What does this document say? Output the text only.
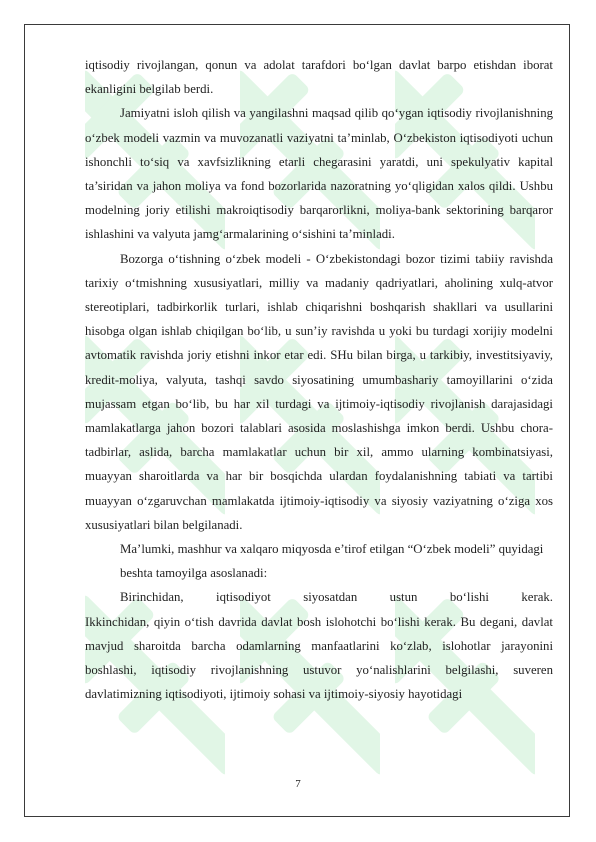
iqtisodiy rivojlangan, qonun va adolat tarafdori bo‘lgan davlat barpo etishdan iborat ekanligini belgilab berdi.

Jamiyatni isloh qilish va yangilashni maqsad qilib qo‘ygan iqtisodiy rivojlanishning o‘zbek modeli vazmin va muvozanatli vaziyatni ta’minlab, O‘zbekiston iqtisodiyoti uchun ishonchli to‘siq va xavfsizlikning etarli chegarasini yaratdi, uni spekulyativ kapital ta’siridan va jahon moliya va fond bozorlarida nazoratning yo‘qligidan xalos qildi. Ushbu modelning joriy etilishi makroiqtisodiy barqarorlikni, moliya-bank sektorining barqaror ishlashini va valyuta jamg‘armalarining o‘sishini ta’minladi.

Bozorga o‘tishning o‘zbek modeli - O‘zbekistondagi bozor tizimi tabiiy ravishda tarixiy o‘tmishning xususiyatlari, milliy va madaniy qadriyatlari, aholining xulq-atvor stereotiplari, tadbirkorlik turlari, ishlab chiqarishni boshqarish shakllari va usullarini hisobga olgan ishlab chiqilgan bo‘lib, u sun’iy ravishda u yoki bu turdagi xorijiy modelni avtomatik ravishda joriy etishni inkor etar edi. SHu bilan birga, u tarkibiy, investitsiyaviy, kredit-moliya, valyuta, tashqi savdo siyosatining umumbashariy tamoyillarini o‘zida mujassam etgan bo‘lib, bu har xil turdagi va ijtimoiy-iqtisodiy rivojlanish darajasidagi mamlakatlarga jahon bozori talablari asosida moslashishga imkon berdi. Ushbu chora-tadbirlar, aslida, barcha mamlakatlar uchun bir xil, ammo ularning kombinatsiyasi, muayyan sharoitlarda va har bir bosqichda ulardan foydalanishning tabiati va tartibi muayyan o‘zgaruvchan mamlakatda ijtimoiy-iqtisodiy va siyosiy vaziyatning o‘ziga xos xususiyatlari bilan belgilanadi.

Ma’lumki, mashhur va xalqaro miqyosda e’tirof etilgan “O‘zbek modeli” quyidagi

beshta tamoyilga asoslanadi:

Birinchidan, iqtisodiyot siyosatdan ustun bo‘lishi kerak.

Ikkinchidan, qiyin o‘tish davrida davlat bosh islohotchi bo‘lishi kerak. Bu degani, davlat mavjud sharoitda barcha odamlarning manfaatlarini ko‘zlab, islohotlar jarayonini boshlashi, iqtisodiy rivojlanishning ustuvor yo‘nalishlarini belgilashi, suveren davlatimizning iqtisodiyoti, ijtimoiy sohasi va ijtimoiy-siyosiy hayotidagi

7
